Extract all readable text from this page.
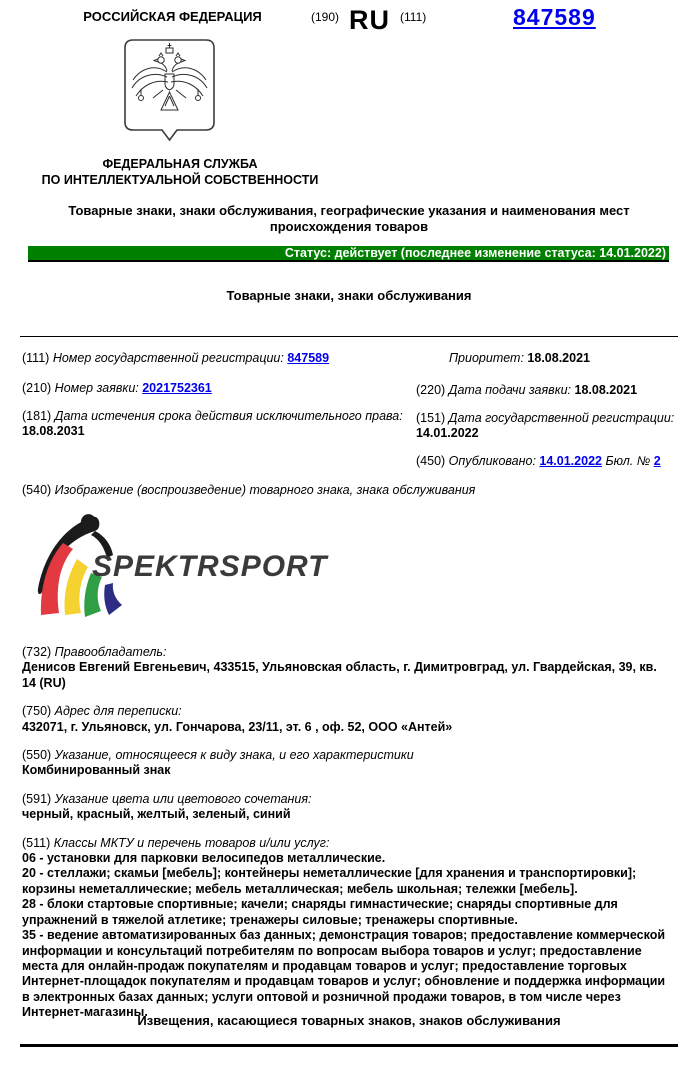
РОССИЙСКАЯ ФЕДЕРАЦИЯ	(190) RU (111)	847589
ФЕДЕРАЛЬНАЯ СЛУЖБА
ПО ИНТЕЛЛЕКТУАЛЬНОЙ СОБСТВЕННОСТИ
Товарные знаки, знаки обслуживания, географические указания и наименования мест происхождения товаров
Статус: действует (последнее изменение статуса: 14.01.2022)
Товарные знаки, знаки обслуживания
(111) Номер государственной регистрации: 847589
(210) Номер заявки: 2021752361
(181) Дата истечения срока действия исключительного права:
18.08.2031
Приоритет: 18.08.2021
(220) Дата подачи заявки: 18.08.2021
(151) Дата государственной регистрации:
14.01.2022
(450) Опубликовано: 14.01.2022 Бюл. № 2
(540) Изображение (воспроизведение) товарного знака, знака обслуживания
SPEKTRSPORT
(732) Правообладатель:
Денисов Евгений Евгеньевич, 433515, Ульяновская область, г. Димитровград, ул. Гвардейская, 39, кв. 14 (RU)
(750) Адрес для переписки:
432071, г. Ульяновск, ул. Гончарова, 23/11, эт. 6 , оф. 52, ООО «Антей»
(550) Указание, относящееся к виду знака, и его характеристики
Комбинированный знак
(591) Указание цвета или цветового сочетания:
черный, красный, желтый, зеленый, синий
(511) Классы МКТУ и перечень товаров и/или услуг:
06 - установки для парковки велосипедов металлические.
20 - стеллажи; скамьи [мебель]; контейнеры неметаллические [для хранения и транспортировки]; корзины неметаллические; мебель металлическая; мебель школьная; тележки [мебель].
28 - блоки стартовые спортивные; качели; снаряды гимнастические; снаряды спортивные для упражнений в тяжелой атлетике; тренажеры силовые; тренажеры спортивные.
35 - ведение автоматизированных баз данных; демонстрация товаров; предоставление коммерческой информации и консультаций потребителям по вопросам выбора товаров и услуг; предоставление места для онлайн-продаж покупателям и продавцам товаров и услуг; предоставление торговых Интернет-площадок покупателям и продавцам товаров и услуг; обновление и поддержка информации в электронных базах данных; услуги оптовой и розничной продажи товаров, в том числе через Интернет-магазины.
Извещения, касающиеся товарных знаков, знаков обслуживания
